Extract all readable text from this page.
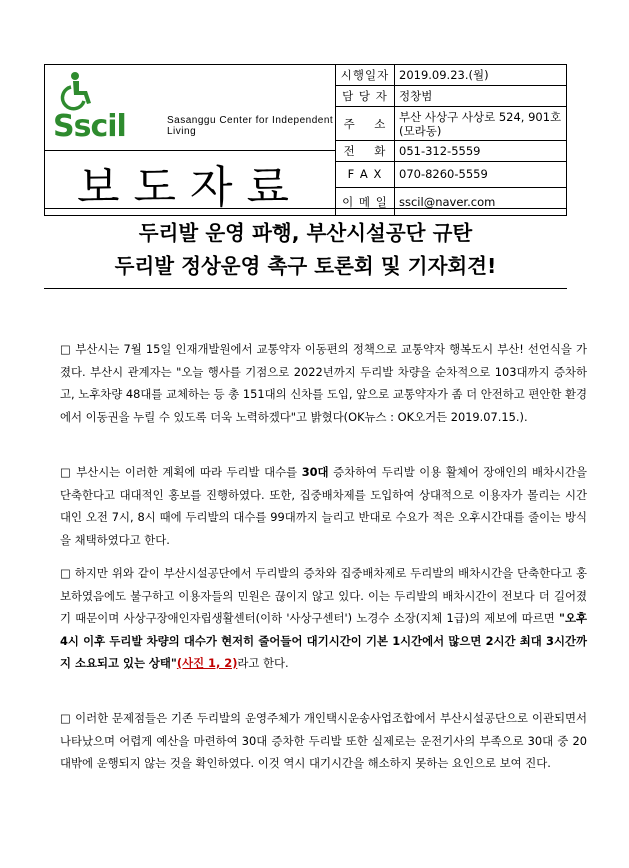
Sscil Sasanggu Center for Independent Living	시행일자	2019.09.23.(월)
	담 당 자	정창범
	주    소	부산 사상구 사상로 524, 901호 (모라동)
	전    화	051-312-5559
보도자료		
	F A X	070-8260-5559
	이 메 일	sscil@naver.com
두리발 운영 파행, 부산시설공단 규탄
두리발 정상운영 촉구 토론회 및 기자회견!
□ 부산시는 7월 15일 인재개발원에서 교통약자 이동편의 정책으로 교통약자 행복도시 부산! 선언식을 가졌다. 부산시 관계자는 "오늘 행사를 기점으로 2022년까지 두리발 차량을 순차적으로 103대까지 증차하고, 노후차량 48대를 교체하는 등 총 151대의 신차를 도입, 앞으로 교통약자가 좀 더 안전하고 편안한 환경에서 이동권을 누릴 수 있도록 더욱 노력하겠다"고 밝혔다(OK뉴스 : OK오거든 2019.07.15.).
□ 부산시는 이러한 계획에 따라 두리발 대수를 30대 증차하여 두리발 이용 활체어 장애인의 배차시간을 단축한다고 대대적인 홍보를 진행하였다. 또한, 집중배차제를 도입하여 상대적으로 이용자가 몰리는 시간대인 오전 7시, 8시 때에 두리발의 대수를 99대까지 늘리고 반대로 수요가 적은 오후시간대를 줄이는 방식을 채택하였다고 한다.
□ 하지만 위와 같이 부산시설공단에서 두리발의 증차와 집중배차제로 두리발의 배차시간을 단축한다고 홍보하였음에도 불구하고 이용자들의 민원은 끊이지 않고 있다. 이는 두리발의 배차시간이 전보다 더 길어졌기 때문이며 사상구장애인자립생활센터(이하 '사상구센터') 노경수 소장(지체 1급)의 제보에 따르면 "오후 4시 이후 두리발 차량의 대수가 현저히 줄어들어 대기시간이 기본 1시간에서 많으면 2시간 최대 3시간까지 소요되고 있는 상태"(사진 1, 2)라고 한다.
□ 이러한 문제점들은 기존 두리발의 운영주체가 개인택시운송사업조합에서 부산시설공단으로 이관되면서 나타났으며 어렵게 예산을 마련하여 30대 증차한 두리발 또한 실제로는 운전기사의 부족으로 30대 중 20대밖에 운행되지 않는 것을 확인하였다. 이것 역시 대기시간을 해소하지 못하는 요인으로 보여 진다.
